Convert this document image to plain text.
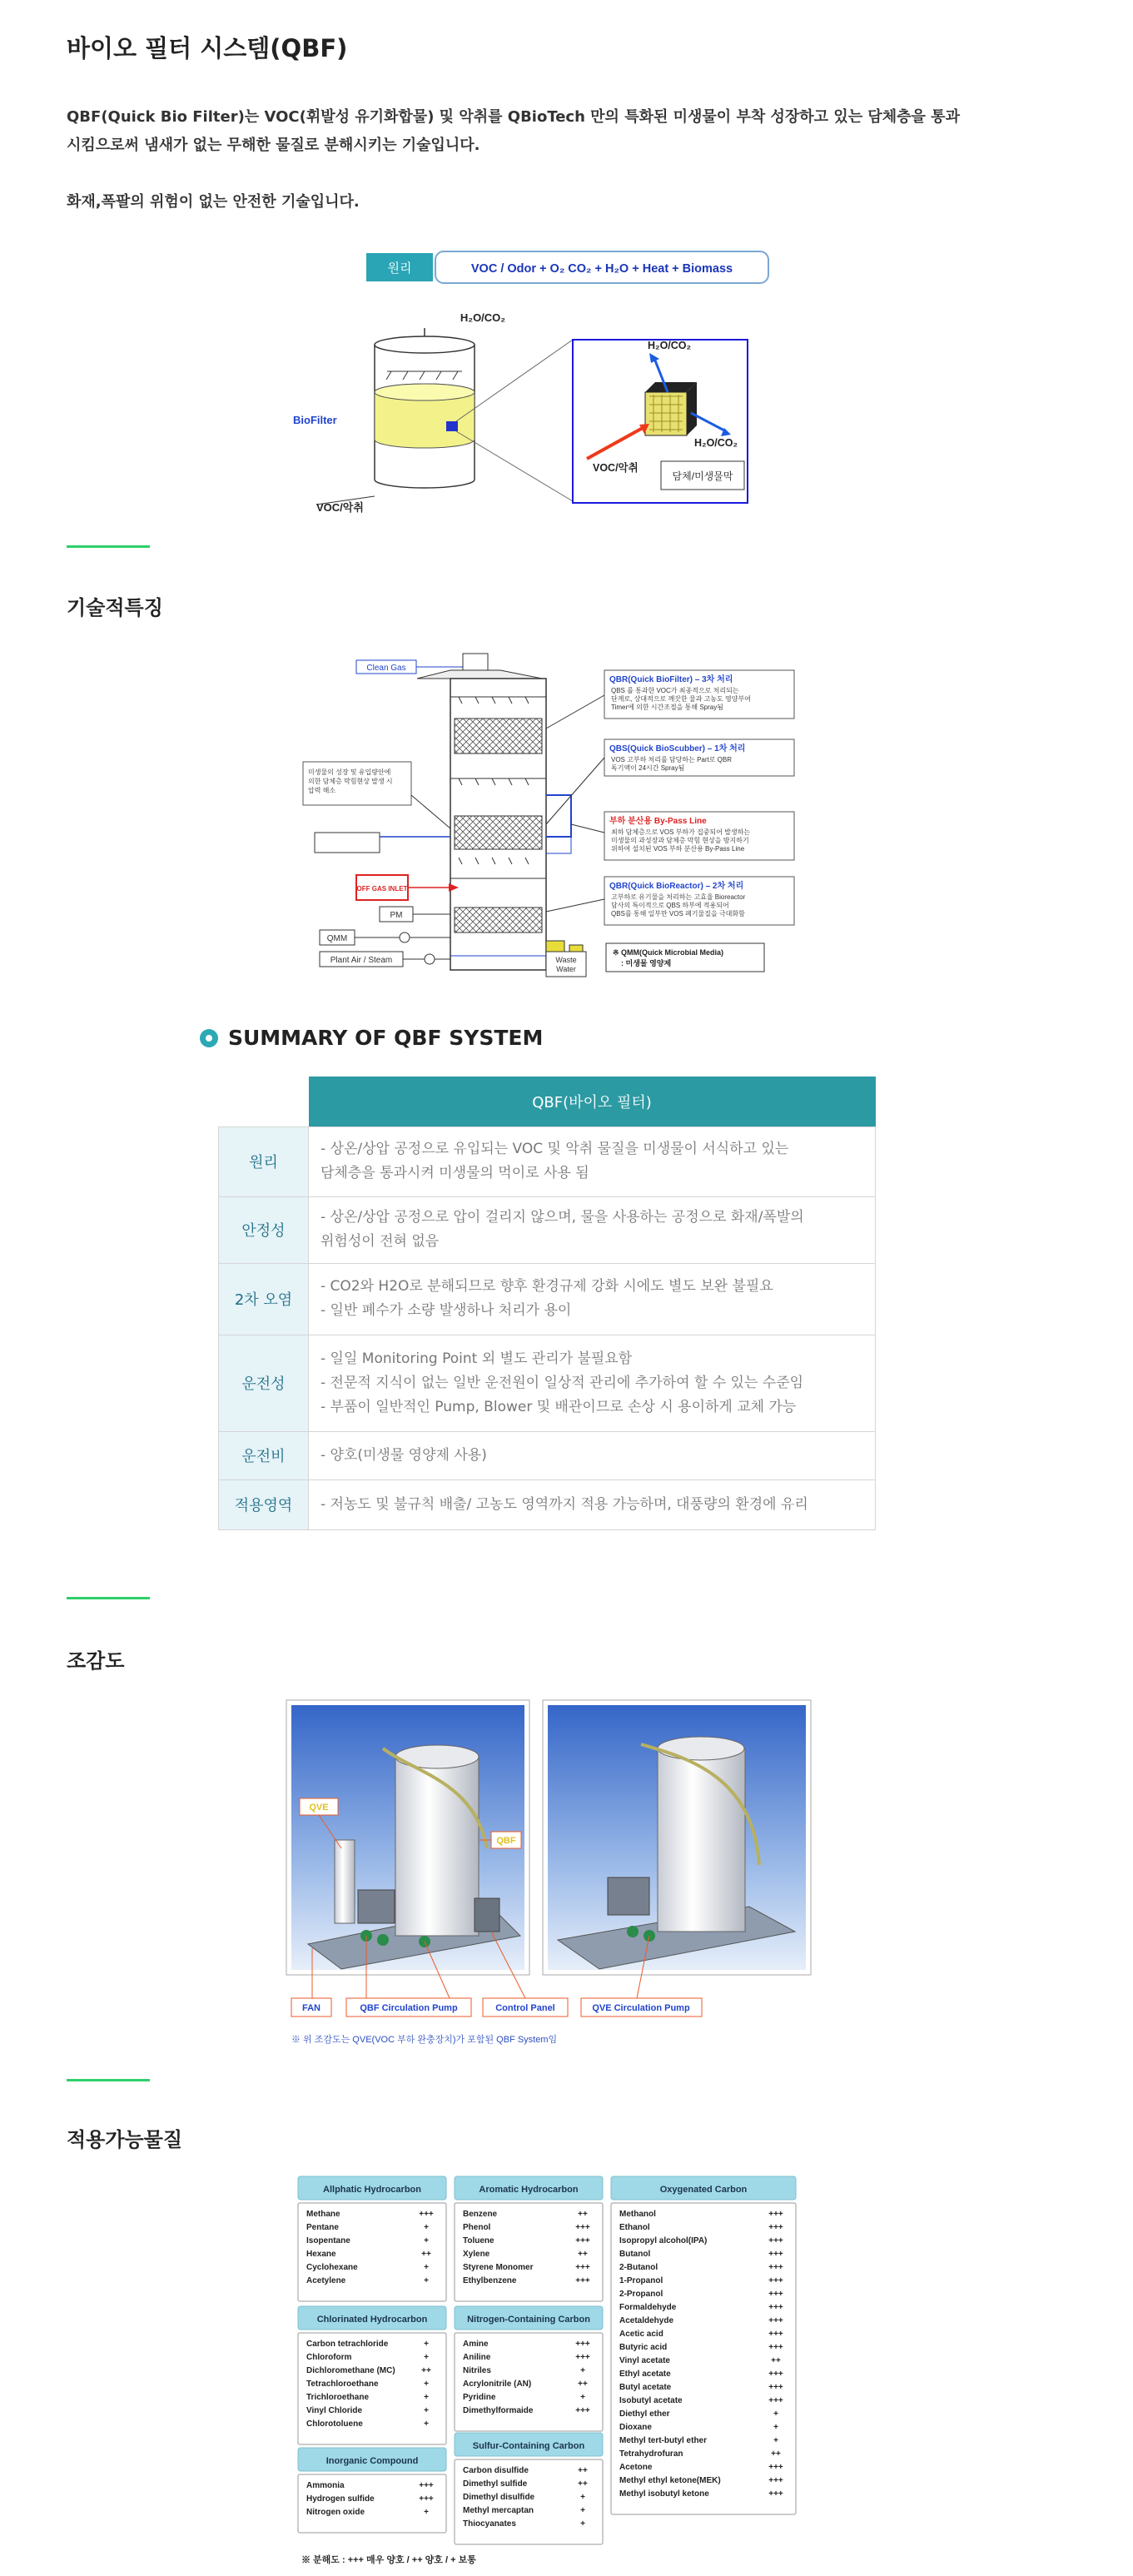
바이오 필터 시스템(QBF)
QBF(Quick Bio Filter)는 VOC(휘발성 유기화합물) 및 악취를 QBioTech 만의 특화된 미생물이 부착 성장하고 있는 담체층을 통과
시킴으로써 냄새가 없는 무해한 물질로 분해시키는 기술입니다.
화재,폭팔의 위험이 없는 안전한 기술입니다.
원리	VOC / Odor + O₂ CO₂ + H₂O + Heat + Biomass
H₂O/CO₂
BioFilter
VOC/악취
H₂O/CO₂
H₂O/CO₂
VOC/악취
담체/미생물막
기술적특징
Clean Gas
QBR(Quick BioFilter) – 3차 처리
QBS 를 통과한 VOC가 최종적으로 처리되는
단계로, 상대적으로 깨끗한 물과 고농도 영양부여
Timer에 의한 시간조절을 통해 Spray됨
QBS(Quick BioScubber) – 1차 처리
VOS 고부하 처리를 담당하는 Part로 QBR
독기액이 24시간 Spray됨
부하 분산용 By-Pass Line
최하 담체층으로 VOS 부하가 집중되어 발생하는
미생물의 과성장과 담체층 막힘 현상을 방지하기
위하여 설치된 VOS 부하 분산용 By-Pass Line
QBR(Quick BioReactor) – 2차 처리
고부하로 유기물을 처리하는 고효율 Bioreactor
담사의 특이적으로 QBS 하부에 적용되어
QBS를 통해 일부만 VOS 폐기물질을 극대화함
미생물의 성장 및 유입량안에
의한 담체층 막힘현상 발생 시
압력 해소
OFF GAS INLET
PM
QMM
Plant Air / Steam	Waste
Water
※ QMM(Quick Microbial Media)
: 미생물 영양제
SUMMARY OF QBF SYSTEM
	QBF(바이오 필터)
원리	- 상온/상압 공정으로 유입되는 VOC 및 악취 물질을 미생물이 서식하고 있는
담체층을 통과시켜 미생물의 먹이로 사용 됨

안정성	- 상온/상압 공정으로 압이 걸리지 않으며, 물을 사용하는 공정으로 화재/폭발의
위험성이 전혀 없음

2차 오염	- CO2와 H2O로 분해되므로 향후 환경규제 강화 시에도 별도 보완 불필요
- 일반 폐수가 소량 발생하나 처리가 용이

운전성	- 일일 Monitoring Point 외 별도 관리가 불필요함
- 전문적 지식이 없는 일반 운전원이 일상적 관리에 추가하여 할 수 있는 수준임
- 부품이 일반적인 Pump, Blower 및 배관이므로 손상 시 용이하게 교체 가능

운전비	- 양호(미생물 영양제 사용)

적용영역	- 저농도 및 불규칙 배출/ 고농도 영역까지 적용 가능하며, 대풍량의 환경에 유리
조감도
QVE
QBF
FAN	QBF Circulation Pump	Control Panel	QVE Circulation Pump
※ 위 조감도는 QVE(VOC 부하 완충장치)가 포함된 QBF System임
적용가능물질
※ 분해도 : +++ 매우 양호 / ++ 양호 / + 보통
Allphatic Hydrocarbon
Methane	+++
Pentane	+
Isopentane	+
Hexane	++
Cyclohexane	+
Acetylene	+
Aromatic Hydrocarbon
Benzene	++
Phenol	+++
Toluene	+++
Xylene	++
Styrene Monomer	+++
Ethylbenzene	+++
Oxygenated Carbon
Methanol	+++
Ethanol	+++
Isopropyl alcohol(IPA)	+++
Butanol	+++
2-Butanol	+++
1-Propanol	+++
2-Propanol	+++
Formaldehyde	+++
Acetaldehyde	+++
Acetic acid	+++
Butyric acid	+++
Vinyl acetate	++
Ethyl acetate	+++
Butyl acetate	+++
Isobutyl acetate	+++
Diethyl ether	+
Dioxane	+
Methyl tert-butyl ether	+
Tetrahydrofuran	++
Acetone	+++
Methyl ethyl ketone(MEK)	+++
Methyl isobutyl ketone	+++
Chlorinated Hydrocarbon
Carbon tetrachloride	+
Chloroform	+
Dichloromethane (MC)	++
Tetrachloroethane	+
Trichloroethane	+
Vinyl Chloride	+
Chlorotoluene	+
Nitrogen-Containing Carbon
Amine	+++
Aniline	+++
Nitriles	+
Acrylonitrile (AN)	++
Pyridine	+
Dimethylformaide	+++
Inorganic Compound
Ammonia	+++
Hydrogen sulfide	+++
Nitrogen oxide	+
Sulfur-Containing Carbon
Carbon disulfide	++
Dimethyl sulfide	++
Dimethyl disulfide	+
Methyl mercaptan	+
Thiocyanates	+
